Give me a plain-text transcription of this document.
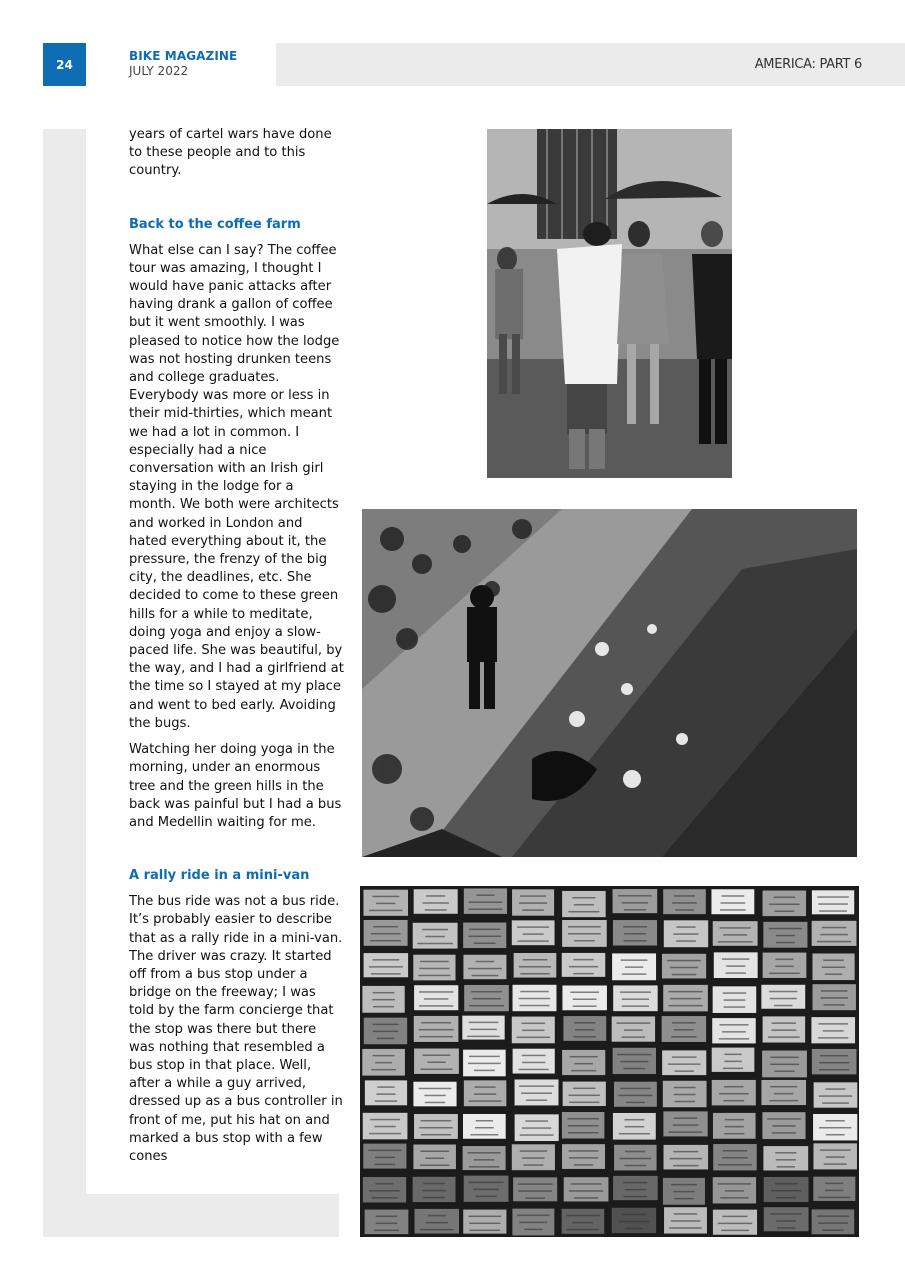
24
BIKE MAGAZINE
JULY 2022	AMERICA: PART 6

years of cartel wars have done to these people and to this country.

Back to the coffee farm

What else can I say? The coffee tour was amazing, I thought I would have panic attacks after having drank a gallon of coffee but it went smoothly. I was pleased to notice how the lodge was not hosting drunken teens and college graduates. Everybody was more or less in their mid-thirties, which meant we had a lot in common. I especially had a nice conversation with an Irish girl staying in the lodge for a month. We both were architects and worked in London and hated everything about it, the pressure, the frenzy of the big city, the deadlines, etc. She decided to come to these green hills for a while to meditate, doing yoga and enjoy a slow-paced life. She was beautiful, by the way, and I had a girlfriend at the time so I stayed at my place and went to bed early. Avoiding the bugs.

Watching her doing yoga in the morning, under an enormous tree and the green hills in the back was painful but I had a bus and Medellin waiting for me.

A rally ride in a mini-van

The bus ride was not a bus ride. It’s probably easier to describe that as a rally ride in a mini-van. The driver was crazy. It started off from a bus stop under a bridge on the freeway; I was told by the farm concierge that the stop was there but there was nothing that resembled a bus stop in that place. Well, after a while a guy arrived, dressed up as a bus controller in front of me, put his hat on and marked a bus stop with a few cones
